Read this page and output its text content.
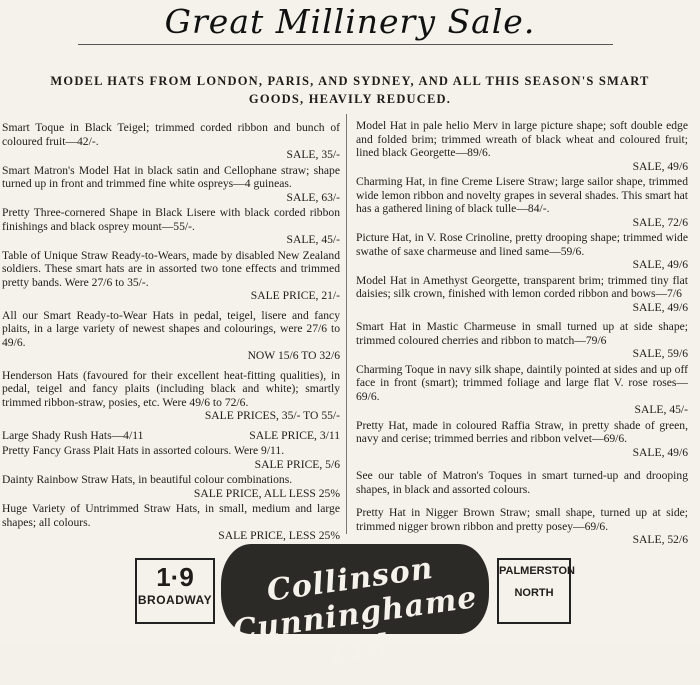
Great Millinery Sale.
MODEL HATS FROM LONDON, PARIS, AND SYDNEY, AND ALL THIS SEASON'S SMART
GOODS, HEAVILY REDUCED.
Smart Toque in Black Teigel; trimmed corded ribbon and bunch of coloured fruit—42/-.
SALE, 35/-
Smart Matron's Model Hat in black satin and Cellophane straw; shape turned up in front and trimmed fine white ospreys—4 guineas.
SALE, 63/-
Pretty Three-cornered Shape in Black Lisere with black corded ribbon finishings and black osprey mount—55/-.
SALE, 45/-
Table of Unique Straw Ready-to-Wears, made by disabled New Zealand soldiers. These smart hats are in assorted two tone effects and trimmed pretty bands. Were 27/6 to 35/-.
SALE PRICE, 21/-
All our Smart Ready-to-Wear Hats in pedal, teigel, lisere and fancy plaits, in a large variety of newest shapes and colourings, were 27/6 to 49/6.
NOW 15/6 TO 32/6
Henderson Hats (favoured for their excellent heat-fitting qualities), in pedal, teigel and fancy plaits (including black and white); smartly trimmed ribbon-straw, posies, etc. Were 49/6 to 72/6.
SALE PRICES, 35/- TO 55/-
SALE PRICE, 3/11
Large Shady Rush Hats—4/11
Pretty Fancy Grass Plait Hats in assorted colours. Were 9/11.
SALE PRICE, 5/6
Dainty Rainbow Straw Hats, in beautiful colour combinations.
SALE PRICE, ALL LESS 25%
Huge Variety of Untrimmed Straw Hats, in small, medium and large shapes; all colours.
SALE PRICE, LESS 25%
Model Hat in pale helio Merv in large picture shape; soft double edge and folded brim; trimmed wreath of black wheat and coloured fruit; lined black Georgette—89/6.
SALE, 49/6
Charming Hat, in fine Creme Lisere Straw; large sailor shape, trimmed wide lemon ribbon and novelty grapes in several shades. This smart hat has a gathered lining of black tulle—84/-.
SALE, 72/6
Picture Hat, in V. Rose Crinoline, pretty drooping shape; trimmed wide swathe of saxe charmeuse and lined same—59/6.
SALE, 49/6
Model Hat in Amethyst Georgette, transparent brim; trimmed tiny flat daisies; silk crown, finished with lemon corded ribbon and bows—7/6
SALE, 49/6
Smart Hat in Mastic Charmeuse in small turned up at side shape; trimmed coloured cherries and ribbon to match—79/6
SALE, 59/6
Charming Toque in navy silk shape, daintily pointed at sides and up off face in front (smart); trimmed foliage and large flat V. rose roses—69/6.
SALE, 45/-
Pretty Hat, made in coloured Raffia Straw, in pretty shade of green, navy and cerise; trimmed berries and ribbon velvet—69/6.
SALE, 49/6
See our table of Matron's Toques in smart turned-up and drooping shapes, in black and assorted colours.
Pretty Hat in Nigger Brown Straw; small shape, turned up at side; trimmed nigger brown ribbon and pretty posey—69/6.
SALE, 52/6
1·9
BROADWAY	Collinson Cunninghame Ltd
PALMERSTON
NORTH
